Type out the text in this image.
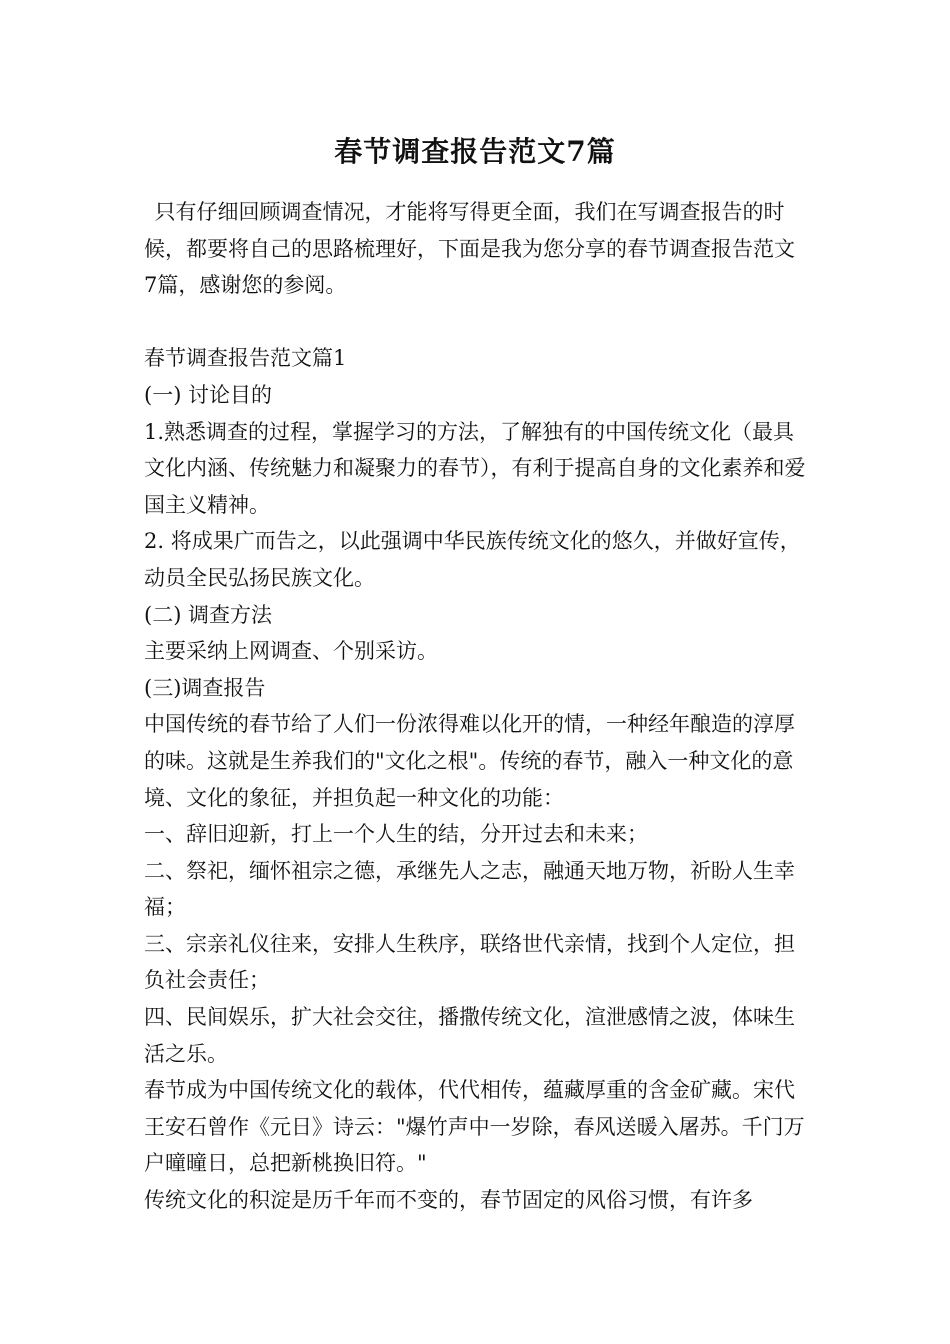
春节调查报告范文7篇

只有仔细回顾调查情况，才能将写得更全面，我们在写调查报告的时候，都要将自己的思路梳理好，下面是我为您分享的春节调查报告范文7篇，感谢您的参阅。

春节调查报告范文篇1

(一) 讨论目的

1.熟悉调查的过程，掌握学习的方法，了解独有的中国传统文化（最具文化内涵、传统魅力和凝聚力的春节），有利于提高自身的文化素养和爱国主义精神。

2. 将成果广而告之，以此强调中华民族传统文化的悠久，并做好宣传，动员全民弘扬民族文化。

(二) 调查方法

主要采纳上网调查、个别采访。

(三)调查报告

中国传统的春节给了人们一份浓得难以化开的情，一种经年酿造的淳厚的味。这就是生养我们的"文化之根"。传统的春节，融入一种文化的意境、文化的象征，并担负起一种文化的功能：

一、辞旧迎新，打上一个人生的结，分开过去和未来；

二、祭祀，缅怀祖宗之德，承继先人之志，融通天地万物，祈盼人生幸福；

三、宗亲礼仪往来，安排人生秩序，联络世代亲情，找到个人定位，担负社会责任；

四、民间娱乐，扩大社会交往，播撒传统文化，渲泄感情之波，体味生活之乐。

春节成为中国传统文化的载体，代代相传，蕴藏厚重的含金矿藏。宋代王安石曾作《元日》诗云："爆竹声中一岁除，春风送暖入屠苏。千门万户曈曈日，总把新桃换旧符。"

传统文化的积淀是历千年而不变的，春节固定的风俗习惯，有许多
